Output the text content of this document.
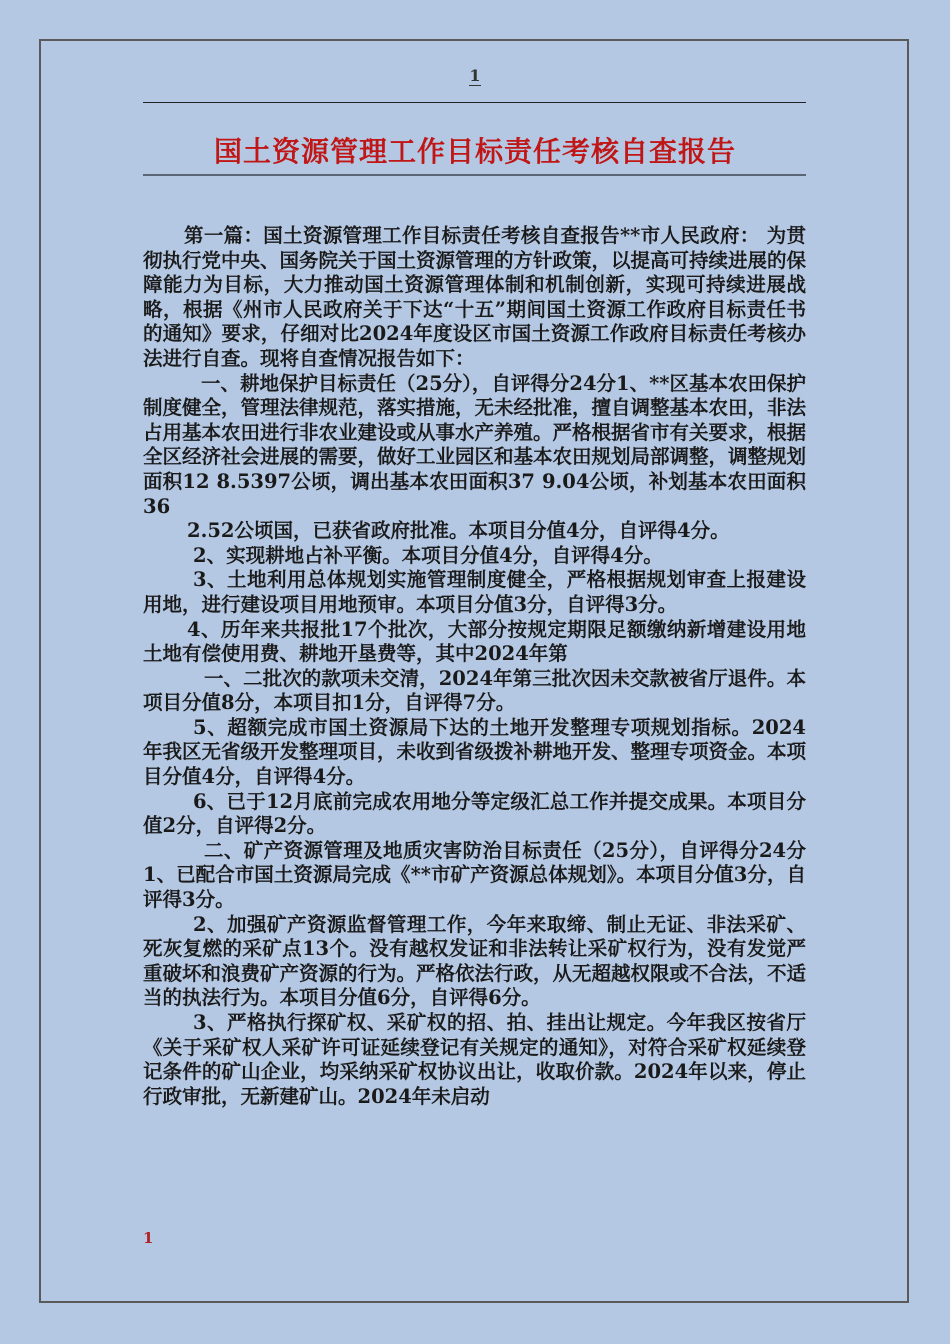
1
国土资源管理工作目标责任考核自查报告

第一篇：国土资源管理工作目标责任考核自查报告**市人民政府： 为贯彻执行党中央、国务院关于国土资源管理的方针政策，以提高可持续进展的保障能力为目标，大力推动国土资源管理体制和机制创新，实现可持续进展战略，根据《州市人民政府关于下达“十五”期间国土资源工作政府目标责任书的通知》要求，仔细对比2024年度设区市国土资源工作政府目标责任考核办法进行自查。现将自查情况报告如下：

一、耕地保护目标责任（25分），自评得分24分1、**区基本农田保护制度健全，管理法律规范，落实措施，无未经批准，擅自调整基本农田，非法占用基本农田进行非农业建设或从事水产养殖。严格根据省市有关要求，根据全区经济社会进展的需要，做好工业园区和基本农田规划局部调整，调整规划面积12 8.5397公顷，调出基本农田面积37 9.04公顷，补划基本农田面积36

2.52公顷国，已获省政府批准。本项目分值4分，自评得4分。

2、实现耕地占补平衡。本项目分值4分，自评得4分。

3、土地利用总体规划实施管理制度健全，严格根据规划审查上报建设用地，进行建设项目用地预审。本项目分值3分，自评得3分。

4、历年来共报批17个批次，大部分按规定期限足额缴纳新增建设用地土地有偿使用费、耕地开垦费等，其中2024年第

一、二批次的款项未交清，2024年第三批次因未交款被省厅退件。本项目分值8分，本项目扣1分，自评得7分。

5、超额完成市国土资源局下达的土地开发整理专项规划指标。2024年我区无省级开发整理项目，未收到省级拨补耕地开发、整理专项资金。本项目分值4分，自评得4分。

6、已于12月底前完成农用地分等定级汇总工作并提交成果。本项目分值2分，自评得2分。

二、矿产资源管理及地质灾害防治目标责任（25分），自评得分24分1、已配合市国土资源局完成《**市矿产资源总体规划》。本项目分值3分，自评得3分。

2、加强矿产资源监督管理工作，今年来取缔、制止无证、非法采矿、死灰复燃的采矿点13个。没有越权发证和非法转让采矿权行为，没有发觉严重破坏和浪费矿产资源的行为。严格依法行政，从无超越权限或不合法，不适当的执法行为。本项目分值6分，自评得6分。

3、严格执行探矿权、采矿权的招、拍、挂出让规定。今年我区按省厅《关于采矿权人采矿许可证延续登记有关规定的通知》，对符合采矿权延续登记条件的矿山企业，均采纳采矿权协议出让，收取价款。2024年以来，停止行政审批，无新建矿山。2024年未启动

1
